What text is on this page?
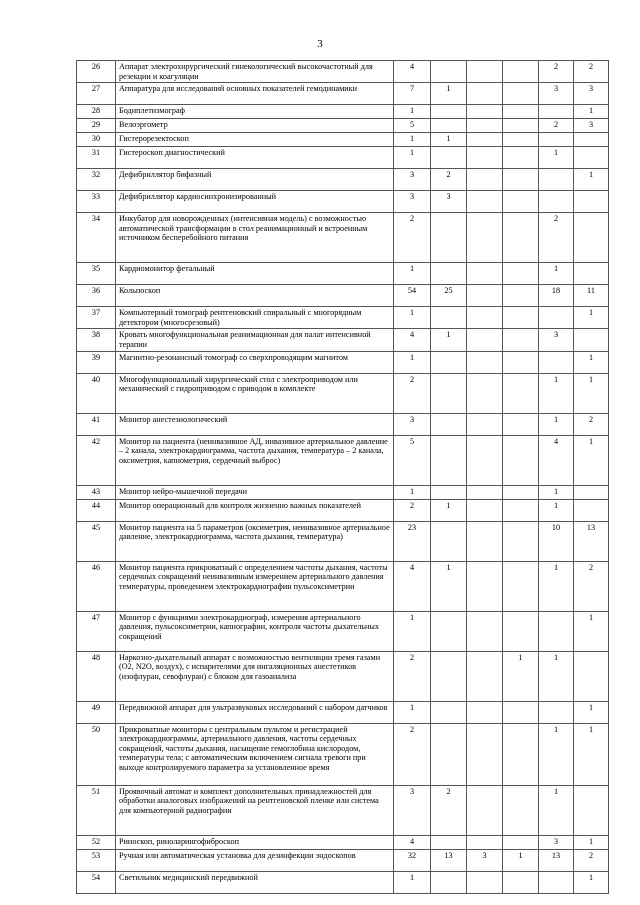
3
26	Аппарат электрохирургический гинекологический высокочастотный для резекции и коагуляции	4				2	2
27	Аппаратура для исследований основных показателей гемодинамики	7	1			3	3
28	Бодиплетизмограф	1					1
29	Велоэргометр	5				2	3
30	Гистерорезектоскоп	1	1				
31	Гистероскоп диагностический	1				1	
32	Дефибриллятор бифазный	3	2				1
33	Дефибриллятор кардиосинхронизированный	3	3				
34	Инкубатор для новорожденных (интенсивная модель) с возможностью автоматической трансформации в стол реанимационный и встроенным источником бесперебойного питания	2				2	
35	Кардиомонитор фетальный	1				1	
36	Кольпоскоп	54	25			18	11
37	Компьютерный томограф рентгеновский спиральный с многорядным детектором (многосрезовый)	1					1
38	Кровать многофункциональная реанимационная для палат интенсивной терапии	4	1			3	
39	Магнитно-резонансный томограф со сверхпроводящим магнитом	1					1
40	Многофункциональный хирургический стол с электроприводом или механический с гидроприводом с приводом в комплекте	2				1	1
41	Монитор анестезиологический	3				1	2
42	Монитор на пациента (неинвазивное АД, инвазивное артериальное давление – 2 канала, электрокардиограмма, частота дыхания, температура – 2 канала, оксиметрия, капнометрия, сердечный выброс)	5				4	1
43	Монитор нейро-мышечной передачи	1				1	
44	Монитор операционный для контроля жизненно важных показателей	2	1			1	
45	Монитор пациента на 5 параметров (оксиметрия, неинвазивное артериальное давление, электрокардиограмма, частота дыхания, температура)	23				10	13
46	Монитор пациента прикроватный с определением частоты дыхания, частоты сердечных сокращений неинвазивным измерением артериального давления температуры, проведением электрокардиографии пульсоксиметрии	4	1			1	2
47	Монитор с функциями электрокардиограф, измерения артериального давления, пульсоксиметрии, капнографии, контроля частоты дыхательных сокращений	1					1
48	Наркозно-дыхательный аппарат с возможностью вентиляции тремя газами (O2, N2O, воздух), с испарителями для ингаляционных анестетиков (изофлуран, севофлуран) с блоком для газоанализа	2			1	1	
49	Передвижной аппарат для ультразвуковых исследований с набором датчиков	1					1
50	Прикроватные мониторы с центральным пультом и регистрацией электрокардиограммы, артериального давления, частоты сердечных сокращений, частоты дыхания, насыщение гемоглобина кислородом, температуры тела; с автоматическим включением сигнала тревоги при выходе контролируемого параметра за установленное время	2				1	1
51	Проявочный автомат и комплект дополнительных принадлежностей для обработки аналоговых изображений на рентгеновской пленке или система для компьютерной радиографии	3	2			1	
52	Риноскоп, риноларингофиброскоп	4				3	1
53	Ручная или автоматическая установка для дезинфекции эндоскопов	32	13	3	1	13	2
54	Светильник медицинский передвижной	1					1
